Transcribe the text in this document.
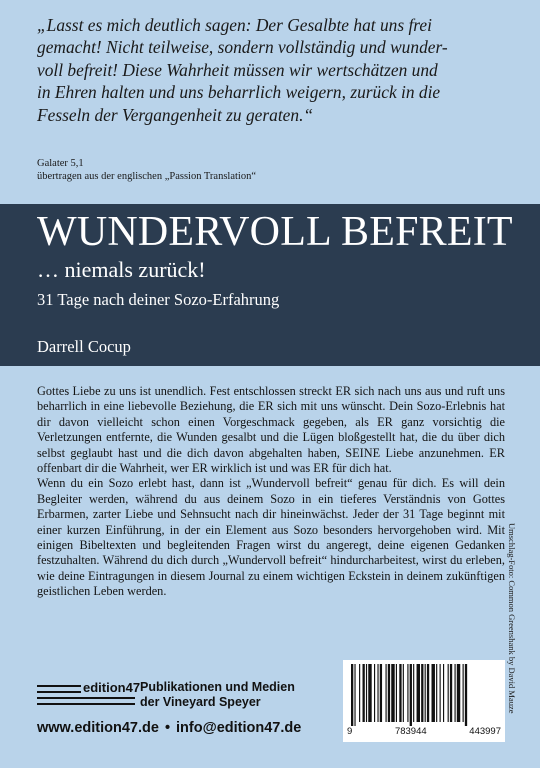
„Lasst es mich deutlich sagen: Der Gesalbte hat uns frei
gemacht! Nicht teilweise, sondern vollständig und wunder-
voll befreit! Diese Wahrheit müssen wir wertschätzen und
in Ehren halten und uns beharrlich weigern, zurück in die
Fesseln der Vergangenheit zu geraten.“
Galater 5,1
übertragen aus der englischen „Passion Translation“
WUNDERVOLL BEFREIT
… niemals zurück!
31 Tage nach deiner Sozo-Erfahrung
Darrell Cocup

Gottes Liebe zu uns ist unendlich. Fest entschlossen streckt ER sich nach uns aus und ruft uns beharrlich in eine liebevolle Beziehung, die ER sich mit uns wünscht. Dein Sozo-Erlebnis hat dir davon vielleicht schon einen Vorgeschmack gegeben, als ER ganz vorsichtig die Verletzungen entfernte, die Wunden gesalbt und die Lügen bloßgestellt hat, die du über dich selbst geglaubt hast und die dich davon abgehalten haben, SEINE Liebe anzunehmen. ER offenbart dir die Wahrheit, wer ER wirklich ist und was ER für dich hat.

Wenn du ein Sozo erlebt hast, dann ist „Wundervoll befreit“ genau für dich. Es will dein Begleiter werden, während du aus deinem Sozo in ein tieferes Verständnis von Gottes Erbarmen, zarter Liebe und Sehnsucht nach dir hineinwächst. Jeder der 31 Tage beginnt mit einer kurzen Einführung, in der ein Element aus Sozo besonders hervorgehoben wird. Mit einigen Bibeltexten und begleitenden Fragen wirst du angeregt, deine eigenen Gedanken festzuhalten. Während du dich durch „Wundervoll befreit“ hindurcharbeitest, wirst du erleben, wie deine Eintragungen in diesem Journal zu einem wichtigen Eckstein in deinem zukünftigen geistlichen Leben werden.	Umschlag-Foto: Common Greenshank by David Mauze
edition47 Publikationen und Medien
der Vineyard Speyer
www.edition47.de • info@edition47.de	9	783944	443997
